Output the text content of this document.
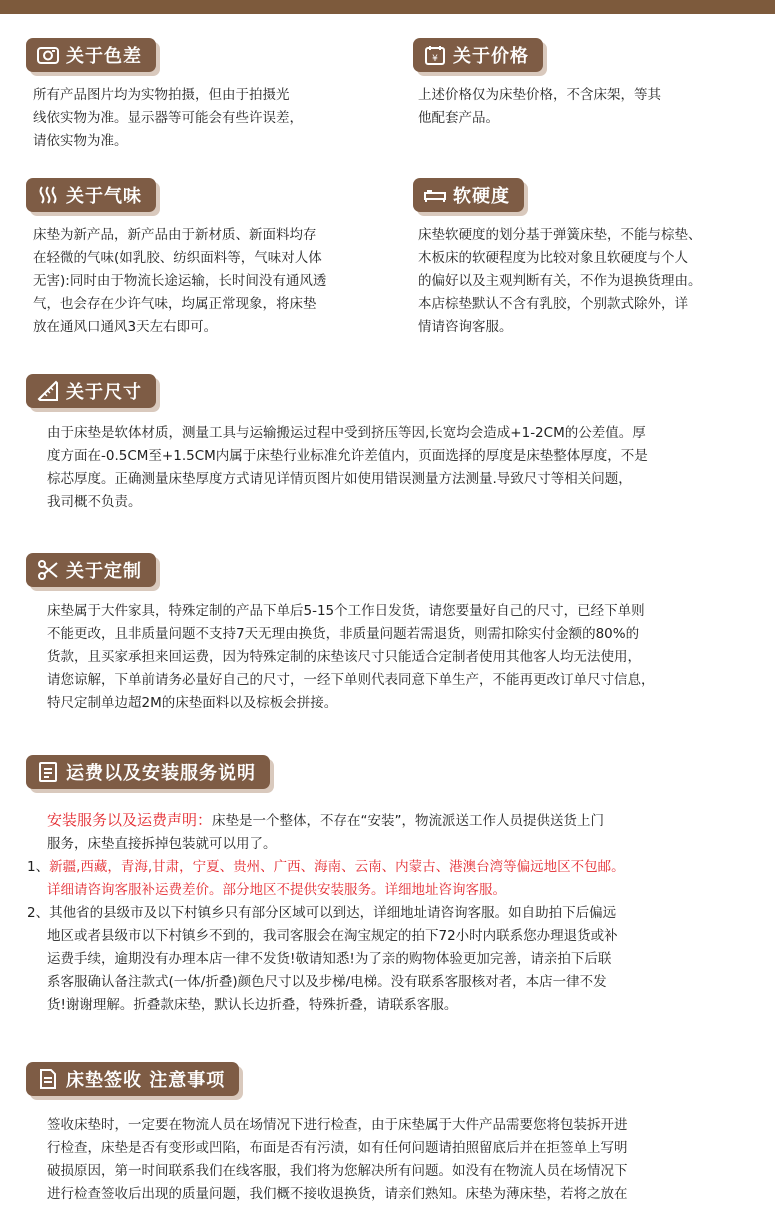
关于色差

所有产品图片均为实物拍摄，但由于拍摄光

线依实物为准。显示器等可能会有些许误差，

请依实物为准。

¥ 关于价格

上述价格仅为床垫价格，不含床架，等其

他配套产品。

关于气味

床垫为新产品，新产品由于新材质、新面料均存

在轻微的气味(如乳胶、纺织面料等，气味对人体

无害):同时由于物流长途运输，长时间没有通风透

气，也会存在少许气味，均属正常现象，将床垫

放在通风口通风3天左右即可。

软硬度

床垫软硬度的划分基于弹簧床垫，不能与棕垫、

木板床的软硬程度为比较对象且软硬度与个人

的偏好以及主观判断有关，不作为退换货理由。

本店棕垫默认不含有乳胶，个别款式除外，详

情请咨询客服。

关于尺寸

由于床垫是软体材质，测量工具与运输搬运过程中受到挤压等因,长宽均会造成+1-2CM的公差值。厚

度方面在-0.5CM至+1.5CM内属于床垫行业标准允许差值内，页面选择的厚度是床垫整体厚度，不是

棕芯厚度。正确测量床垫厚度方式请见详情页图片如使用错误测量方法测量.导致尺寸等相关问题，

我司概不负责。

关于定制

床垫属于大件家具，特殊定制的产品下单后5-15个工作日发货，请您要量好自己的尺寸，已经下单则

不能更改，且非质量问题不支持7天无理由换货，非质量问题若需退货，则需扣除实付金额的80%的

货款，且买家承担来回运费，因为特殊定制的床垫该尺寸只能适合定制者使用其他客人均无法使用，

请您谅解，下单前请务必量好自己的尺寸，一经下单则代表同意下单生产，不能再更改订单尺寸信息，

特尺定制单边超2M的床垫面料以及棕板会拼接。

运费以及安装服务说明

安装服务以及运费声明：床垫是一个整体，不存在“安装”，物流派送工作人员提供送货上门

服务，床垫直接拆掉包装就可以用了。

1、新疆,西藏，青海,甘肃，宁夏、贵州、广西、海南、云南、内蒙古、港澳台湾等偏远地区不包邮。

详细请咨询客服补运费差价。部分地区不提供安装服务。详细地址咨询客服。

2、其他省的县级市及以下村镇乡只有部分区域可以到达，详细地址请咨询客服。如自助拍下后偏远

地区或者县级市以下村镇乡不到的，我司客服会在淘宝规定的拍下72小时内联系您办理退货或补

运费手续，逾期没有办理本店一律不发货!敬请知悉!为了亲的购物体验更加完善，请亲拍下后联

系客服确认备注款式(一体/折叠)颜色尺寸以及步梯/电梯。没有联系客服核对者，本店一律不发

货!谢谢理解。折叠款床垫，默认长边折叠，特殊折叠，请联系客服。

床垫签收 注意事项

签收床垫时，一定要在物流人员在场情况下进行检查，由于床垫属于大件产品需要您将包装拆开进

行检查，床垫是否有变形或凹陷，布面是否有污渍，如有任何问题请拍照留底后并在拒签单上写明

破损原因，第一时间联系我们在线客服，我们将为您解决所有问题。如没有在物流人员在场情况下

进行检查签收后出现的质量问题，我们概不接收退换货，请亲们熟知。床垫为薄床垫，若将之放在
